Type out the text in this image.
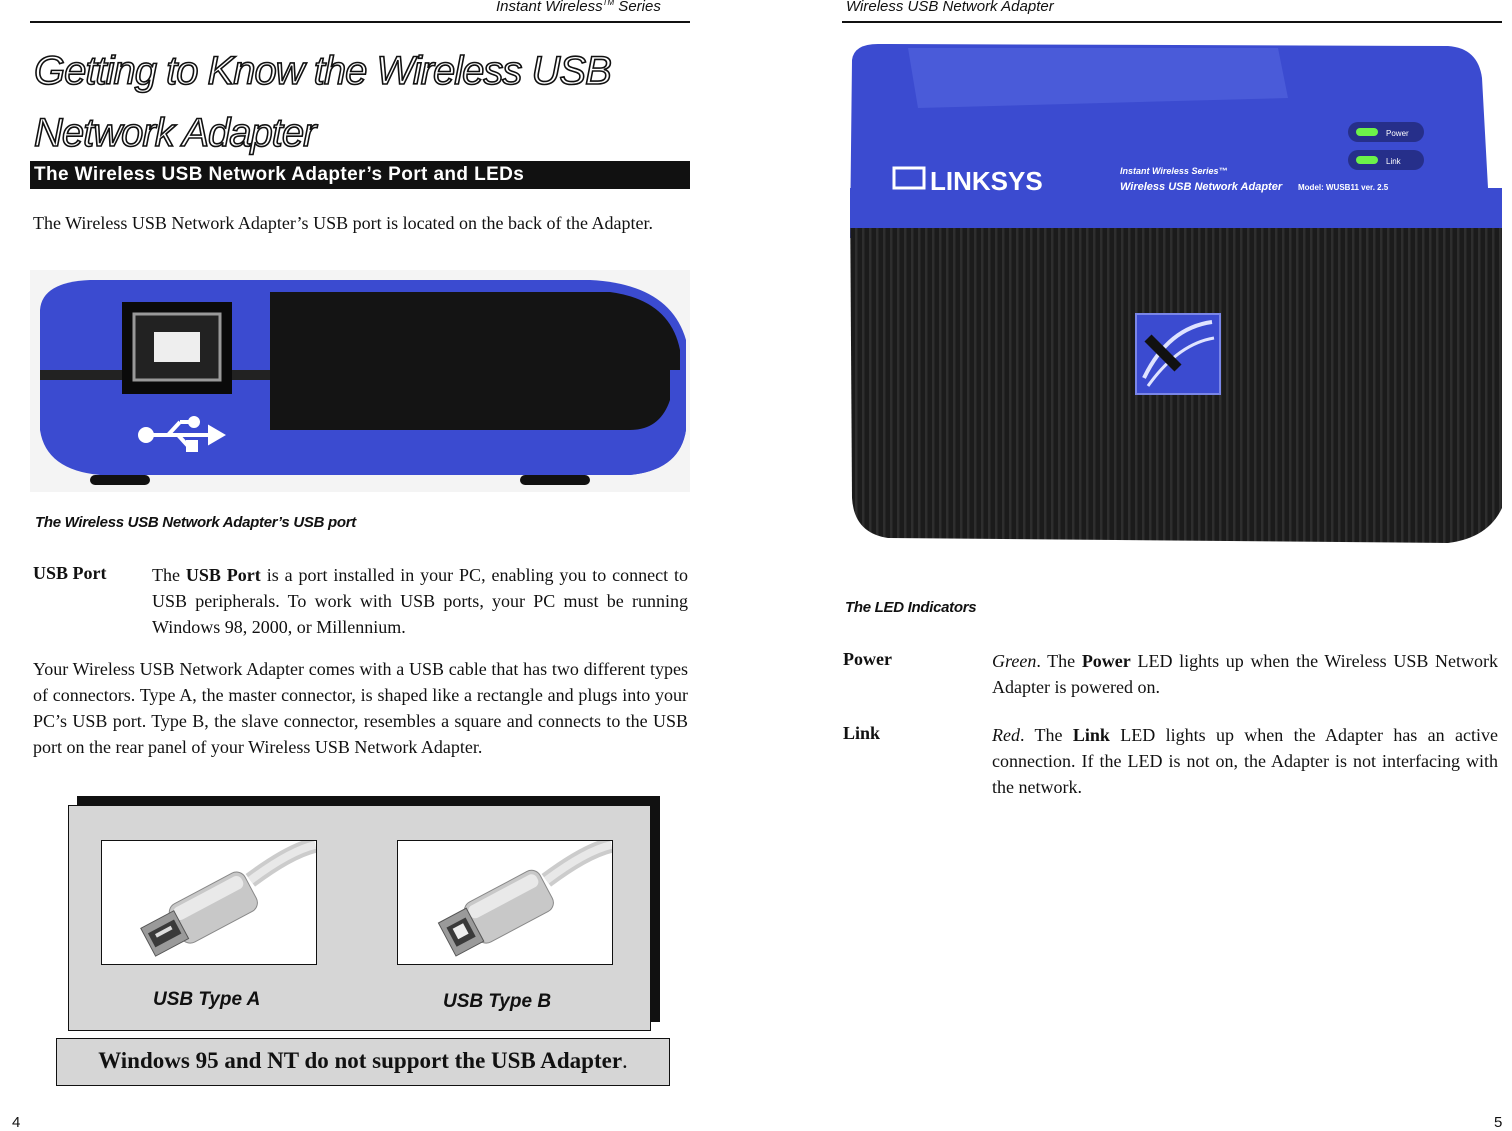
Instant Wireless™ Series
Getting to Know the Wireless USB
Network Adapter
The Wireless USB Network Adapter’s Port and LEDs
The Wireless USB Network Adapter’s USB port is located on the back of the Adapter.
The Wireless USB Network Adapter’s USB port
USB Port	The USB Port is a port installed in your PC, enabling you to connect to USB peripherals. To work with USB ports, your PC must be running Windows 98, 2000, or Millennium.
Your Wireless USB Network Adapter comes with a USB cable that has two different types of connectors. Type A, the master connector, is shaped like a rectangle and plugs into your PC’s USB port. Type B, the slave connector, resembles a square and connects to the USB port on the rear panel of your Wireless USB Network Adapter.
USB Type A	USB Type B
Windows 95 and NT do not support the USB Adapter.
4
Wireless USB Network Adapter
LINKSYS	Instant Wireless Series™
Wireless USB Network Adapter Model: WUSB11 ver. 2.5
Power
Link
The LED Indicators
Power	Green. The Power LED lights up when the Wireless USB Network Adapter is powered on.
Link	Red. The Link LED lights up when the Adapter has an active connection. If the LED is not on, the Adapter is not interfacing with the network.
5
